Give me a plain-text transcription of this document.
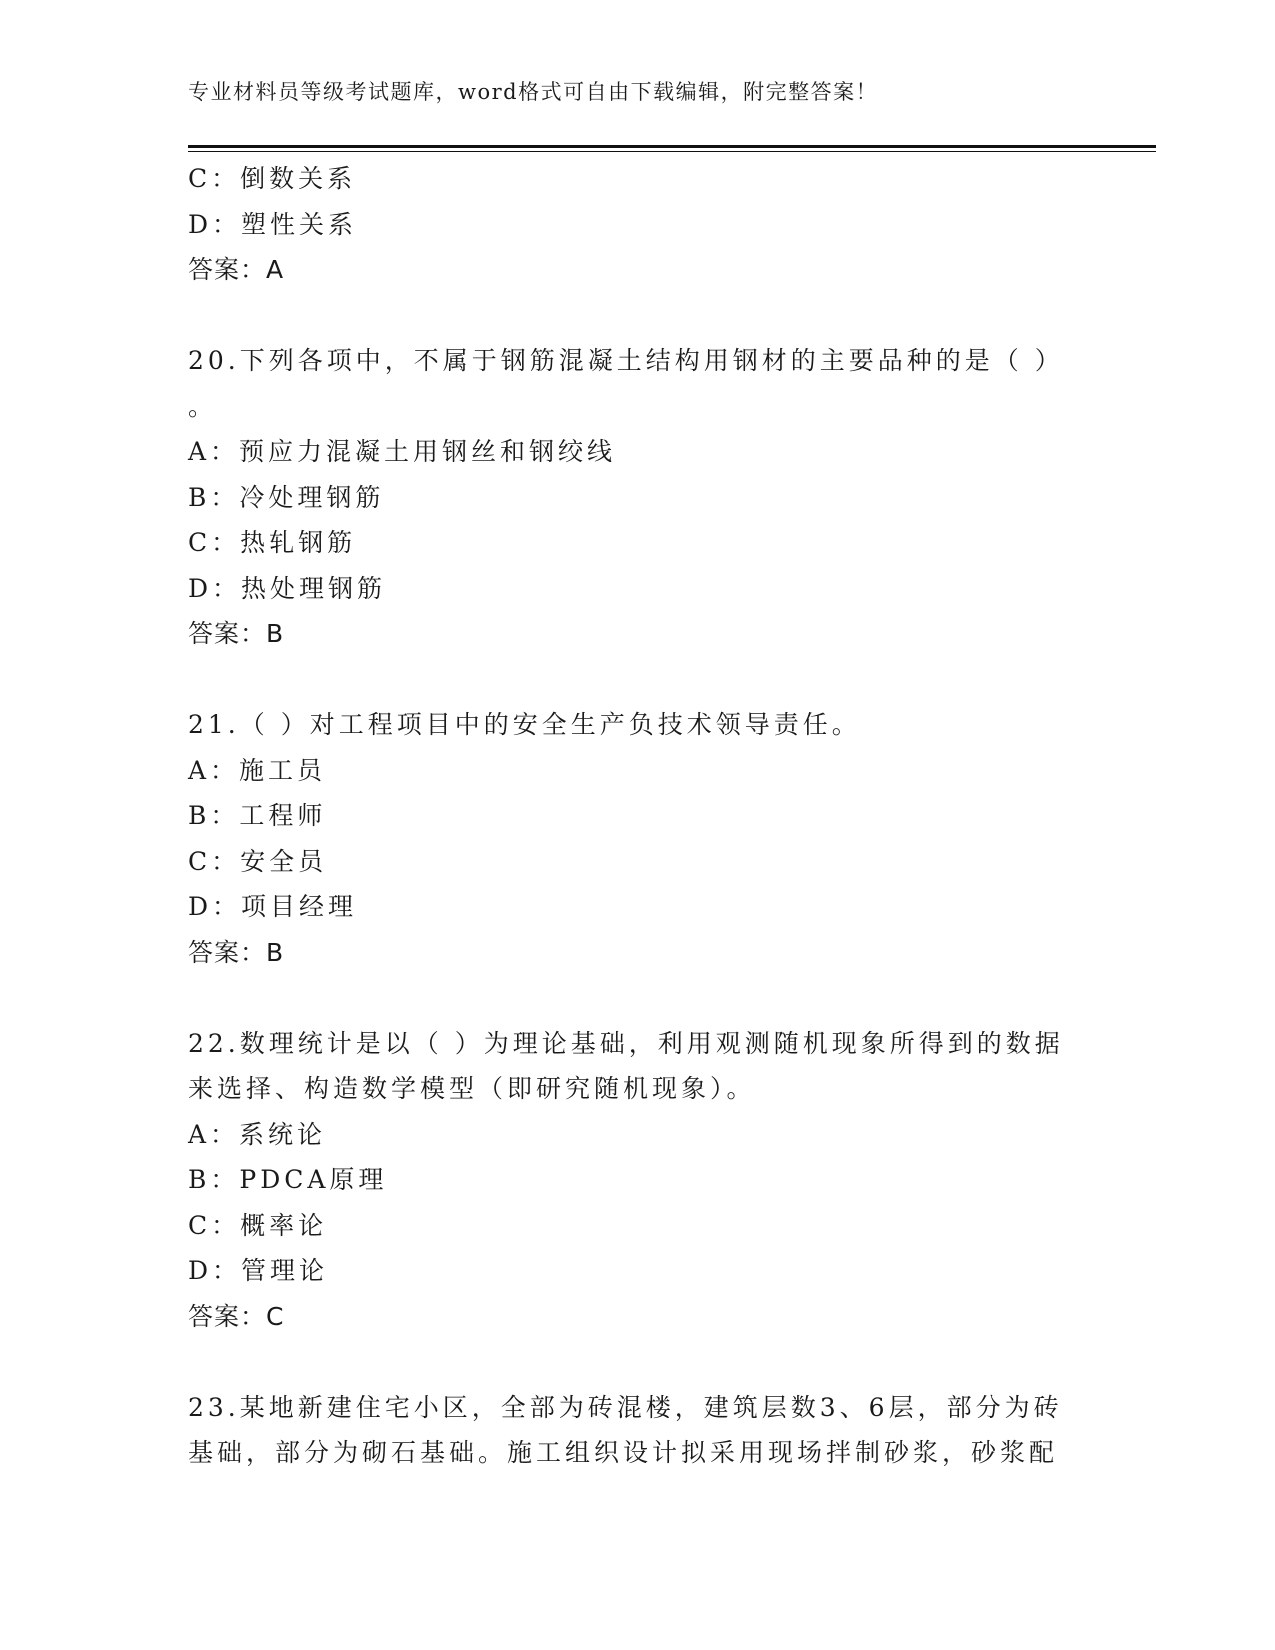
专业材料员等级考试题库，word格式可自由下载编辑，附完整答案！
C：倒数关系
D：塑性关系
答案：A
20.下列各项中，不属于钢筋混凝土结构用钢材的主要品种的是（ ）
。
A：预应力混凝土用钢丝和钢绞线
B：冷处理钢筋
C：热轧钢筋
D：热处理钢筋
答案：B
21.（ ）对工程项目中的安全生产负技术领导责任。
A：施工员
B：工程师
C：安全员
D：项目经理
答案：B
22.数理统计是以（ ）为理论基础，利用观测随机现象所得到的数据
来选择、构造数学模型（即研究随机现象）。
A：系统论
B：PDCA原理
C：概率论
D：管理论
答案：C
23.某地新建住宅小区，全部为砖混楼，建筑层数3、6层，部分为砖
基础，部分为砌石基础。施工组织设计拟采用现场拌制砂浆，砂浆配
